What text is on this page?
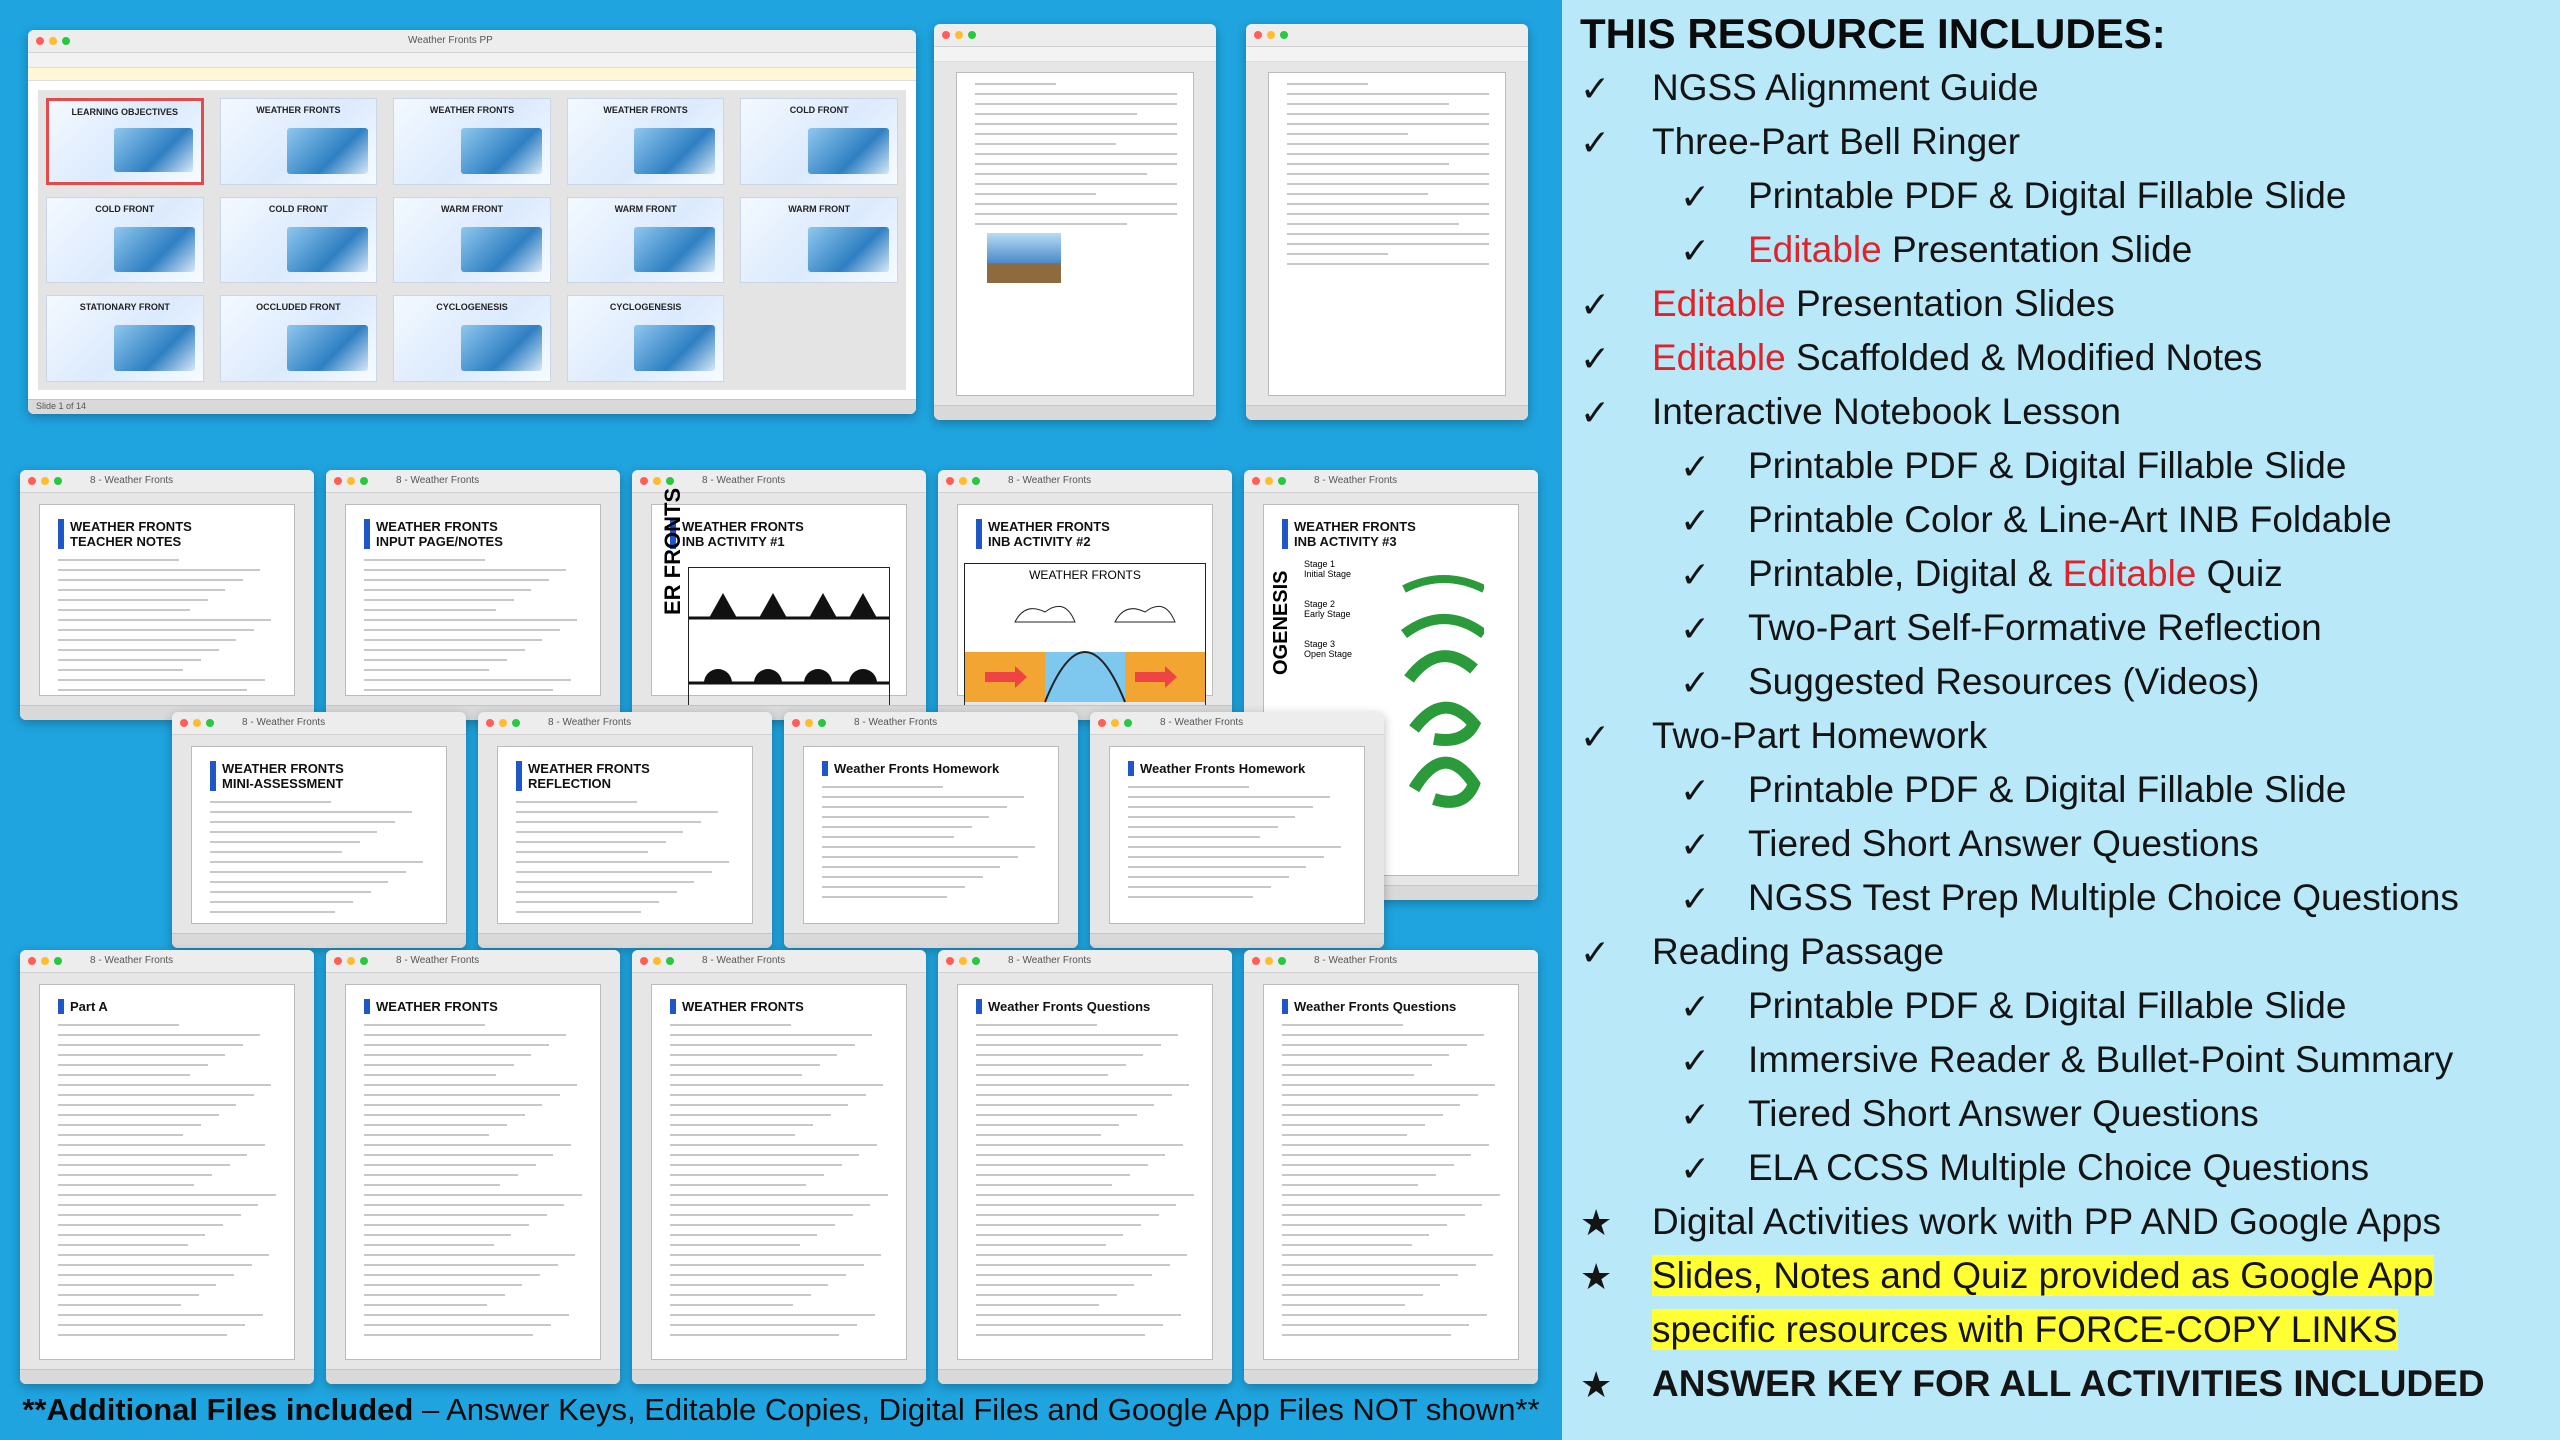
Weather Fronts PP
LEARNING OBJECTIVES	WEATHER FRONTS	WEATHER FRONTS	WEATHER FRONTS	COLD FRONT
COLD FRONT	COLD FRONT	WARM FRONT	WARM FRONT	WARM FRONT
STATIONARY FRONT	OCCLUDED FRONT	CYCLOGENESIS	CYCLOGENESIS
Slide 1 of 14
8 - Weather Fronts
WEATHER FRONTS
TEACHER NOTES
8 - Weather Fronts
WEATHER FRONTS
INPUT PAGE/NOTES
8 - Weather Fronts
WEATHER FRONTS
INB ACTIVITY #1
ER FRONTS
8 - Weather Fronts
WEATHER FRONTS
INB ACTIVITY #2
WEATHER FRONTS
8 - Weather Fronts
WEATHER FRONTS
INB ACTIVITY #3
Stage 1
Initial Stage
Stage 2
Early Stage
Stage 3
Open Stage
OGENESIS
8 - Weather Fronts
WEATHER FRONTS
MINI-ASSESSMENT
8 - Weather Fronts
WEATHER FRONTS
REFLECTION
8 - Weather Fronts
Weather Fronts Homework
8 - Weather Fronts
Weather Fronts Homework
8 - Weather Fronts
Part A
8 - Weather Fronts
WEATHER FRONTS
8 - Weather Fronts
WEATHER FRONTS
8 - Weather Fronts
Weather Fronts Questions
8 - Weather Fronts
Weather Fronts Questions
THIS RESOURCE INCLUDES:
✓ NGSS Alignment Guide
✓ Three-Part Bell Ringer
✓ Printable PDF & Digital Fillable Slide
✓ Editable Presentation Slide
✓ Editable Presentation Slides
✓ Editable Scaffolded & Modified Notes
✓ Interactive Notebook Lesson
✓ Printable PDF & Digital Fillable Slide
✓ Printable Color & Line-Art INB Foldable
✓ Printable, Digital & Editable Quiz
✓ Two-Part Self-Formative Reflection
✓ Suggested Resources (Videos)
✓ Two-Part Homework
✓ Printable PDF & Digital Fillable Slide
✓ Tiered Short Answer Questions
✓ NGSS Test Prep Multiple Choice Questions
✓ Reading Passage
✓ Printable PDF & Digital Fillable Slide
✓ Immersive Reader & Bullet-Point Summary
✓ Tiered Short Answer Questions
✓ ELA CCSS Multiple Choice Questions
★ Digital Activities work with PP AND Google Apps
★ Slides, Notes and Quiz provided as Google App
specific resources with FORCE-COPY LINKS
★ ANSWER KEY FOR ALL ACTIVITIES INCLUDED
**Additional Files included – Answer Keys, Editable Copies, Digital Files and Google App Files NOT shown**
